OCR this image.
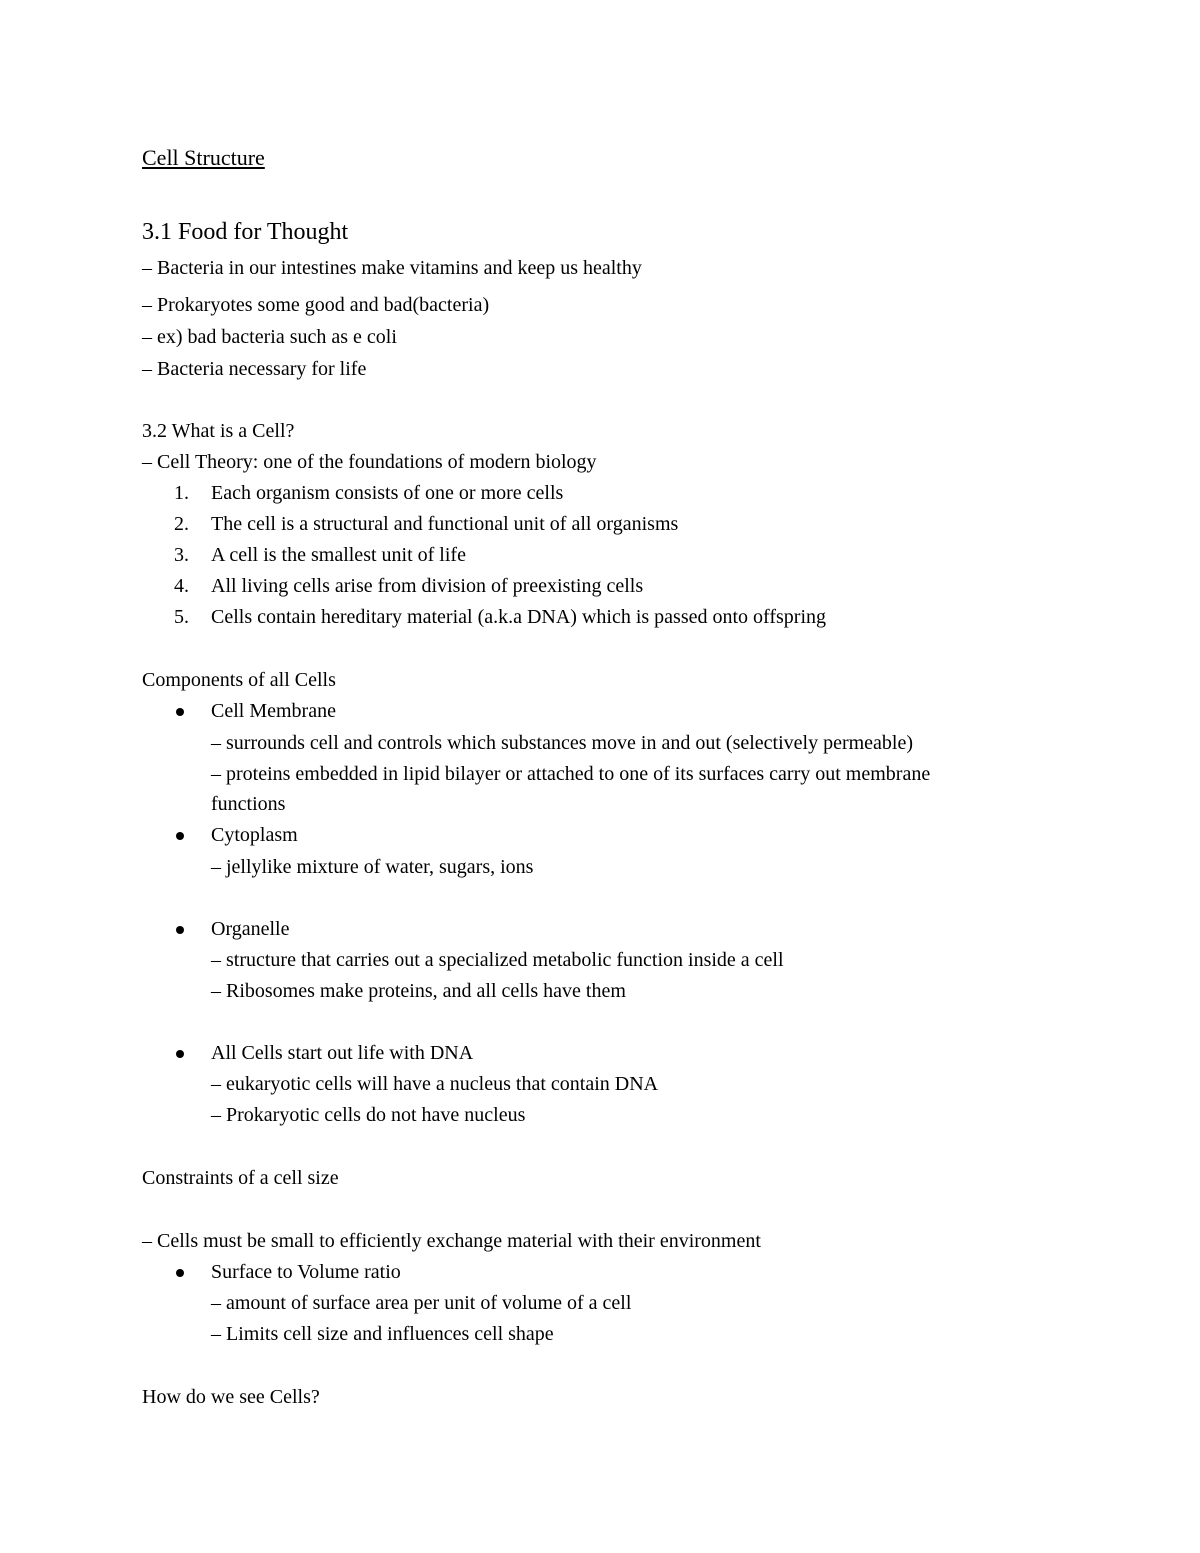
Cell Structure
3.1 Food for Thought
– Bacteria in our intestines make vitamins and keep us healthy
– Prokaryotes some good and bad(bacteria)
– ex) bad bacteria such as e coli
– Bacteria necessary for life
3.2 What is a Cell?
– Cell Theory: one of the foundations of modern biology
1. Each organism consists of one or more cells
2. The cell is a structural and functional unit of all organisms
3. A cell is the smallest unit of life
4. All living cells arise from division of preexisting cells
5. Cells contain hereditary material (a.k.a DNA) which is passed onto offspring
Components of all Cells
Cell Membrane
– surrounds cell and controls which substances move in and out (selectively permeable)
– proteins embedded in lipid bilayer or attached to one of its surfaces carry out membrane
functions
Cytoplasm
– jellylike mixture of water, sugars, ions
Organelle
– structure that carries out a specialized metabolic function inside a cell
– Ribosomes make proteins, and all cells have them
All Cells start out life with DNA
– eukaryotic cells will have a nucleus that contain DNA
– Prokaryotic cells do not have nucleus
Constraints of a cell size
– Cells must be small to efficiently exchange material with their environment
Surface to Volume ratio
– amount of surface area per unit of volume of a cell
– Limits cell size and influences cell shape
How do we see Cells?
